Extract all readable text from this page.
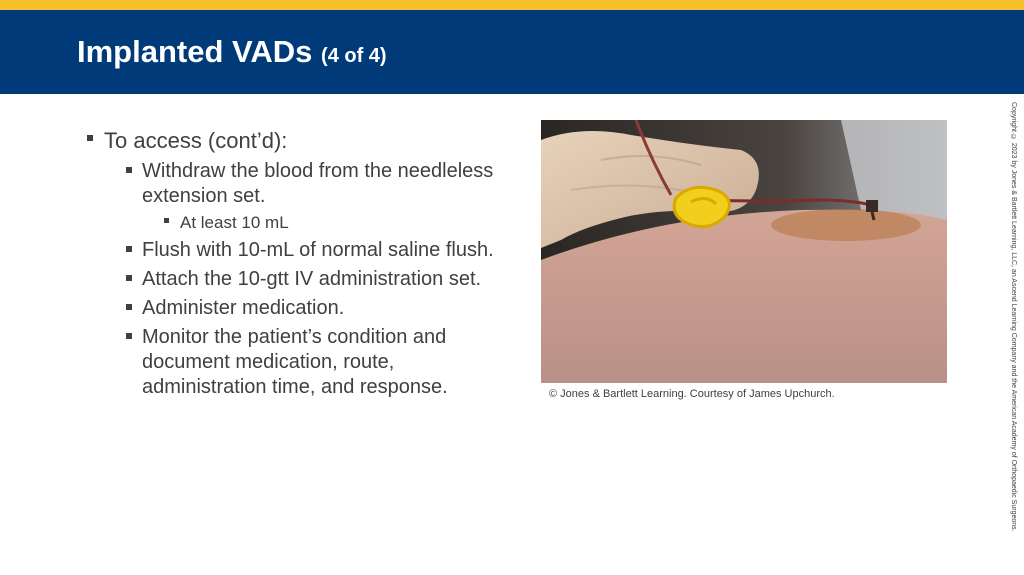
Implanted VADs (4 of 4)
To access (cont’d):
Withdraw the blood from the needleless extension set.
At least 10 mL
Flush with 10-mL of normal saline flush.
Attach the 10-gtt IV administration set.
Administer medication.
Monitor the patient’s condition and document medication, route, administration time, and response.	© Jones & Bartlett Learning. Courtesy of James Upchurch.	Copyright © 2023 by Jones & Bartlett Learning, LLC, an Ascend Learning Company and the American Academy of Orthopaedic Surgeons.
